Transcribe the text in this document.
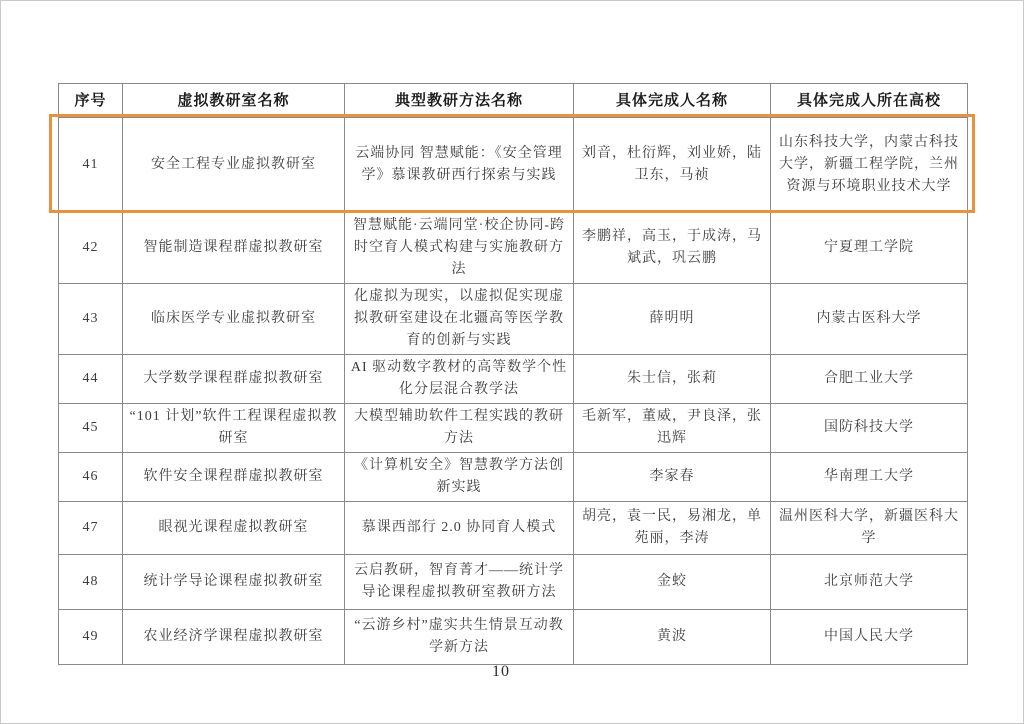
序号	虚拟教研室名称	典型教研方法名称	具体完成人名称	具体完成人所在高校
41	安全工程专业虚拟教研室	云端协同 智慧赋能：《安全管理学》慕课教研西行探索与实践	刘音，杜衍辉，刘业娇，陆卫东，马祯	山东科技大学，内蒙古科技大学，新疆工程学院，兰州资源与环境职业技术大学
42	智能制造课程群虚拟教研室	智慧赋能·云端同堂·校企协同-跨时空育人模式构建与实施教研方法	李鹏祥，高玉，于成涛，马斌武，巩云鹏	宁夏理工学院
43	临床医学专业虚拟教研室	化虚拟为现实，以虚拟促实现虚拟教研室建设在北疆高等医学教育的创新与实践	薛明明	内蒙古医科大学
44	大学数学课程群虚拟教研室	AI 驱动数字教材的高等数学个性化分层混合教学法	朱士信，张莉	合肥工业大学
45	“101 计划”软件工程课程虚拟教研室	大模型辅助软件工程实践的教研方法	毛新军，董威，尹良泽，张迅辉	国防科技大学
46	软件安全课程群虚拟教研室	《计算机安全》智慧教学方法创新实践	李家春	华南理工大学
47	眼视光课程虚拟教研室	慕课西部行 2.0 协同育人模式	胡亮，袁一民，易湘龙，单苑丽，李涛	温州医科大学，新疆医科大学
48	统计学导论课程虚拟教研室	云启教研，智育菁才——统计学导论课程虚拟教研室教研方法	金蛟	北京师范大学
49	农业经济学课程虚拟教研室	“云游乡村”虚实共生情景互动教学新方法	黄波	中国人民大学
10
